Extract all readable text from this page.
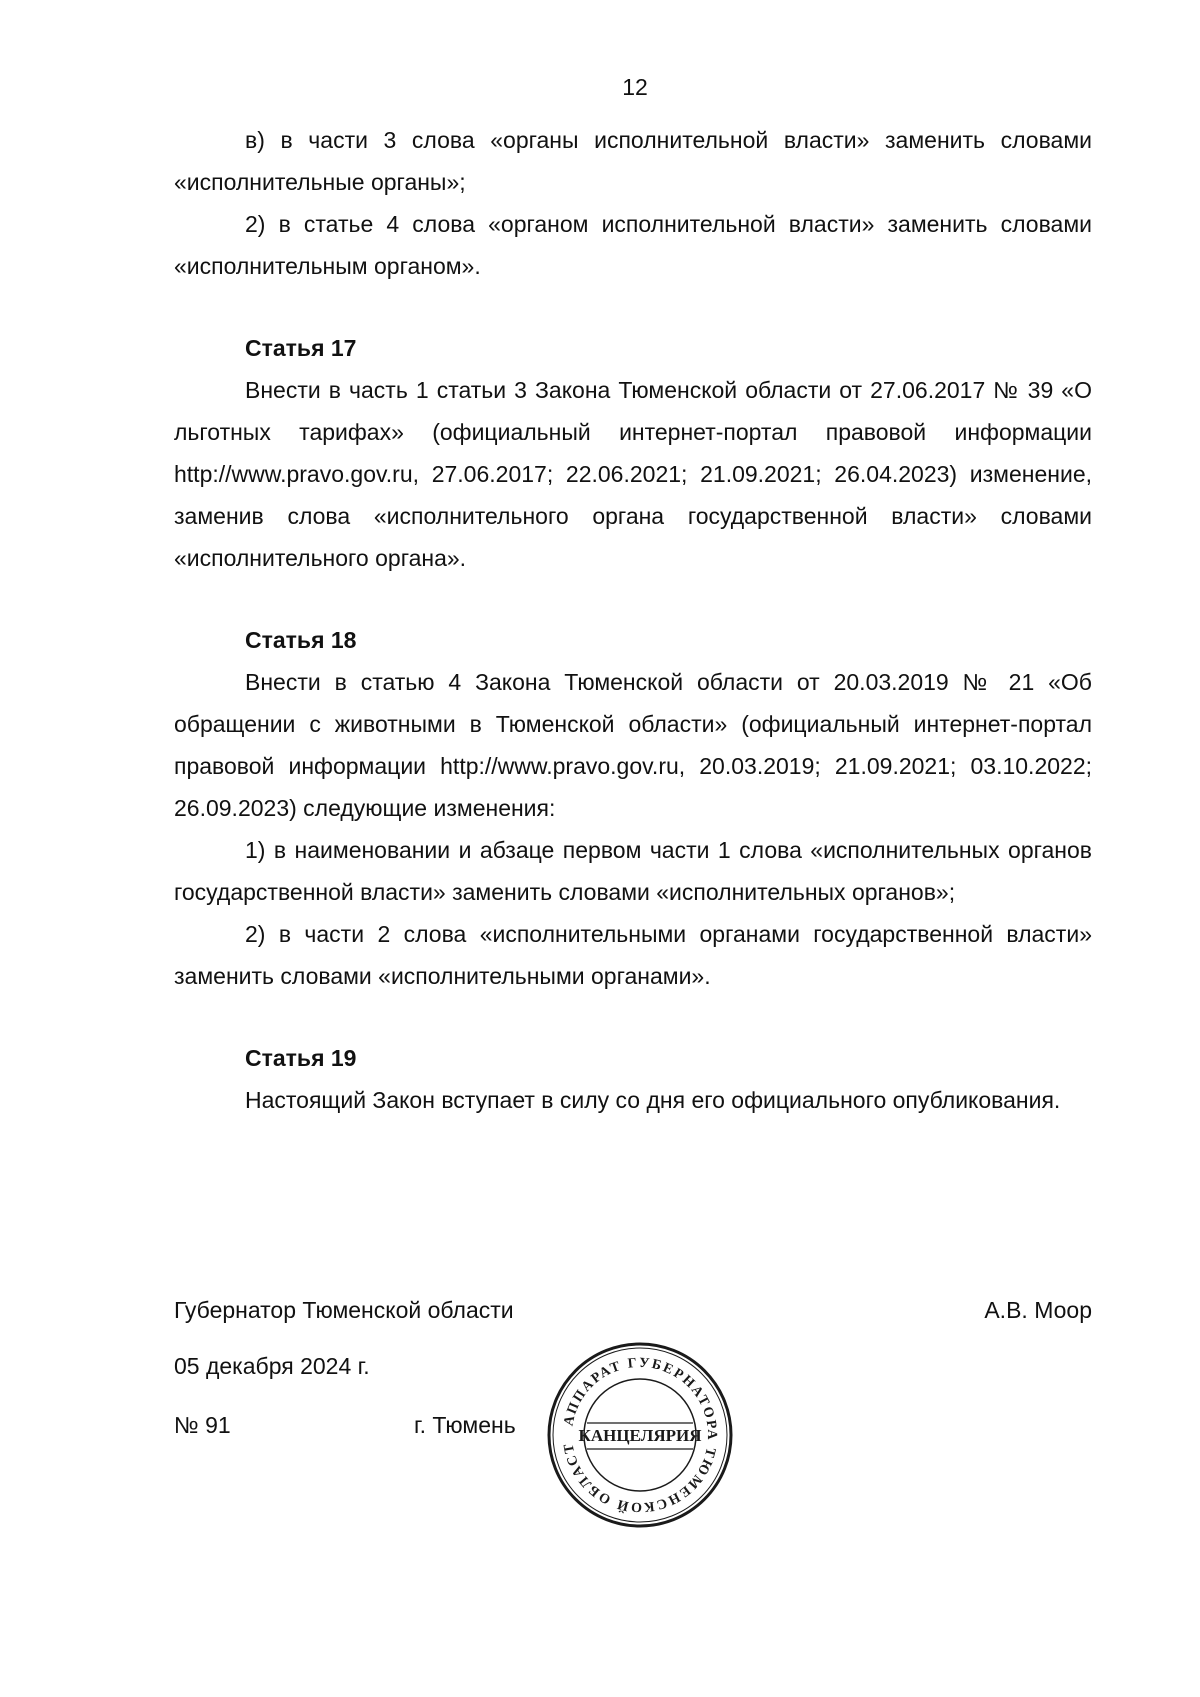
12

в) в части 3 слова «органы исполнительной власти» заменить словами «исполнительные органы»;

2) в статье 4 слова «органом исполнительной власти» заменить словами «исполнительным органом».

Статья 17

Внести в часть 1 статьи 3 Закона Тюменской области от 27.06.2017 № 39 «О льготных тарифах» (официальный интернет-портал правовой информации http://www.pravo.gov.ru, 27.06.2017; 22.06.2021; 21.09.2021; 26.04.2023) изменение, заменив слова «исполнительного органа государственной власти» словами «исполнительного органа».

Статья 18

Внести в статью 4 Закона Тюменской области от 20.03.2019 № 21 «Об обращении с животными в Тюменской области» (официальный интернет-портал правовой информации http://www.pravo.gov.ru, 20.03.2019; 21.09.2021; 03.10.2022; 26.09.2023) следующие изменения:

1) в наименовании и абзаце первом части 1 слова «исполнительных органов государственной власти» заменить словами «исполнительных органов»;

2) в части 2 слова «исполнительными органами государственной власти» заменить словами «исполнительными органами».

Статья 19

Настоящий Закон вступает в силу со дня его официального опубликования.

Губернатор Тюменской области	А.В. Моор
05 декабря 2024 г.
№ 91	г. Тюмень	АППАРАТ ГУБЕРНАТОРА ТЮМЕНСКОЙ ОБЛАСТ
КАНЦЕЛЯРИЯ
